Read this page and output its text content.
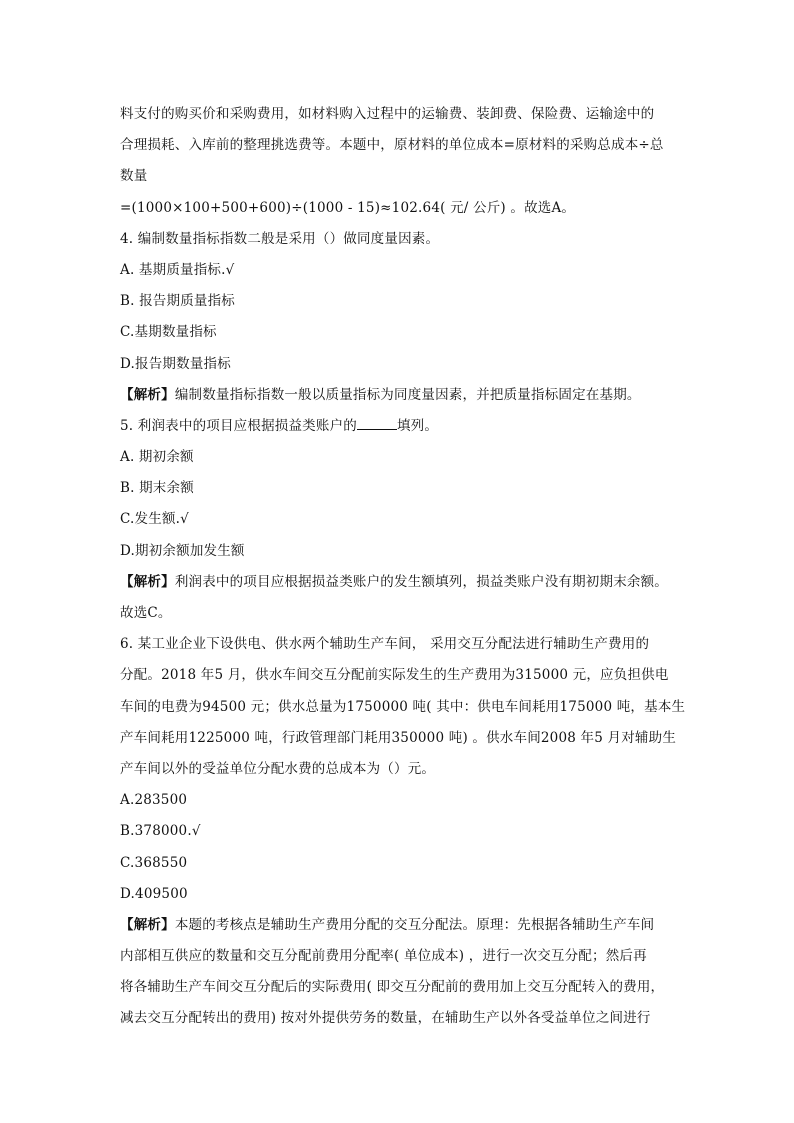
料支付的购买价和采购费用，如材料购入过程中的运输费、装卸费、保险费、运输途中的
合理损耗、入库前的整理挑选费等。本题中，原材料的单位成本=原材料的采购总成本÷总
数量
=(1000×100+500+600)÷(1000 - 15)≈102.64( 元/ 公斤) 。故选A。
4. 编制数量指标指数二般是采用（）做同度量因素。
A. 基期质量指标.√
B. 报告期质量指标
C.基期数量指标
D.报告期数量指标
【解析】编制数量指标指数一般以质量指标为同度量因素，并把质量指标固定在基期。
5. 利润表中的项目应根据损益类账户的	填列。
A. 期初余额
B. 期末余额
C.发生额.√
D.期初余额加发生额
【解析】利润表中的项目应根据损益类账户的发生额填列，损益类账户没有期初期末余额。
故选C。
6. 某工业企业下设供电、供水两个辅助生产车间， 采用交互分配法进行辅助生产费用的
分配。2018 年5 月，供水车间交互分配前实际发生的生产费用为315000 元，应负担供电
车间的电费为94500 元；供水总量为1750000 吨( 其中：供电车间耗用175000 吨，基本生
产车间耗用1225000 吨，行政管理部门耗用350000 吨) 。供水车间2008 年5 月对辅助生
产车间以外的受益单位分配水费的总成本为（）元。
A.283500
B.378000.√
C.368550
D.409500
【解析】本题的考核点是辅助生产费用分配的交互分配法。原理：先根据各辅助生产车间
内部相互供应的数量和交互分配前费用分配率( 单位成本) ，进行一次交互分配；然后再
将各辅助生产车间交互分配后的实际费用( 即交互分配前的费用加上交互分配转入的费用，
减去交互分配转出的费用) 按对外提供劳务的数量，在辅助生产以外各受益单位之间进行
